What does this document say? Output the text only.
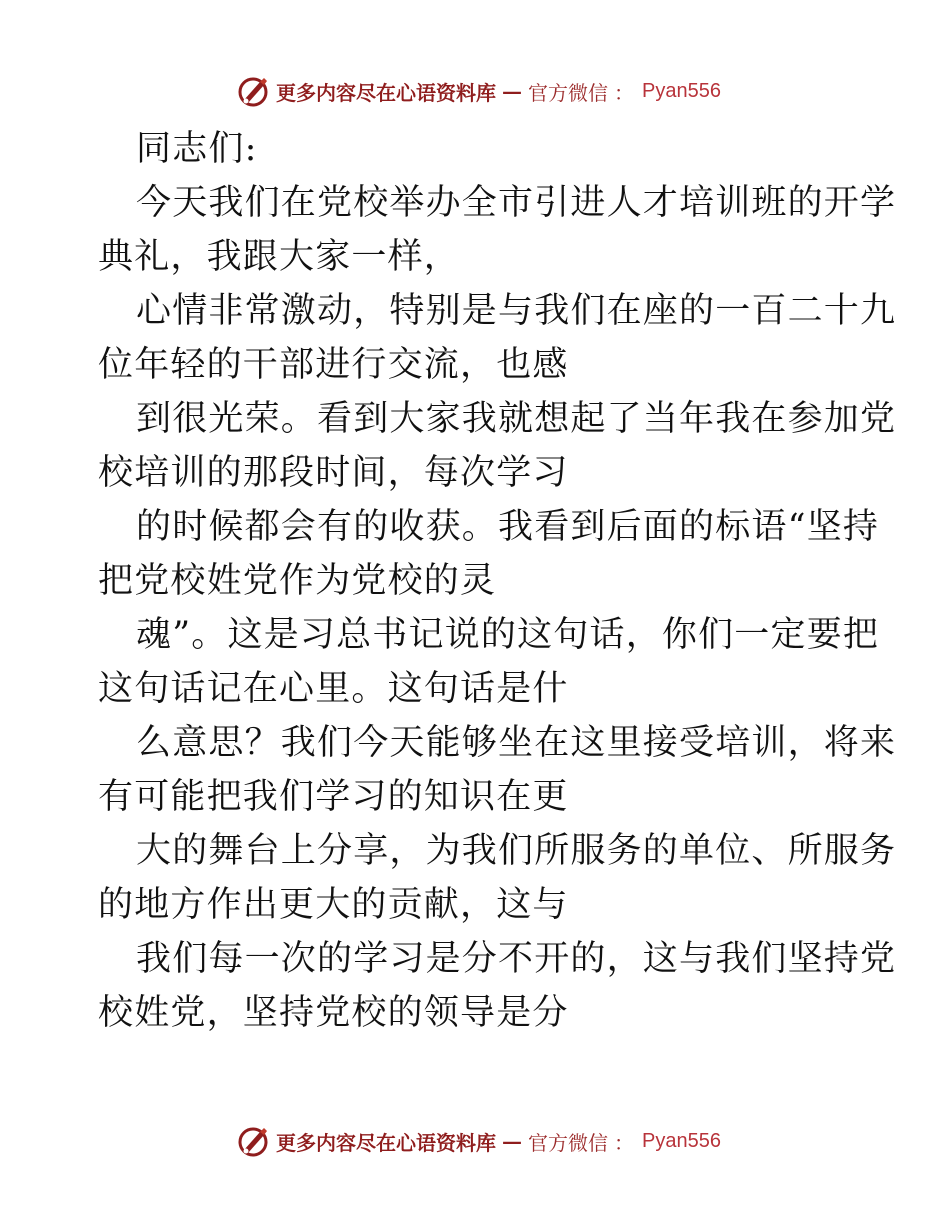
更多内容尽在心语资料库 — 官方微信 ： Pyan556
同志们:
今天我们在党校举办全市引进人才培训班的开学
典礼，我跟大家一样，
心情非常激动，特别是与我们在座的一百二十九
位年轻的干部进行交流，也感
到很光荣。看到大家我就想起了当年我在参加党
校培训的那段时间，每次学习
的时候都会有的收获。我看到后面的标语“坚持
把党校姓党作为党校的灵
魂”。这是习总书记说的这句话，你们一定要把
这句话记在心里。这句话是什
么意思？我们今天能够坐在这里接受培训，将来
有可能把我们学习的知识在更
大的舞台上分享，为我们所服务的单位、所服务
的地方作出更大的贡献，这与
我们每一次的学习是分不开的，这与我们坚持党
校姓党，坚持党校的领导是分
更多内容尽在心语资料库 — 官方微信 ： Pyan556
